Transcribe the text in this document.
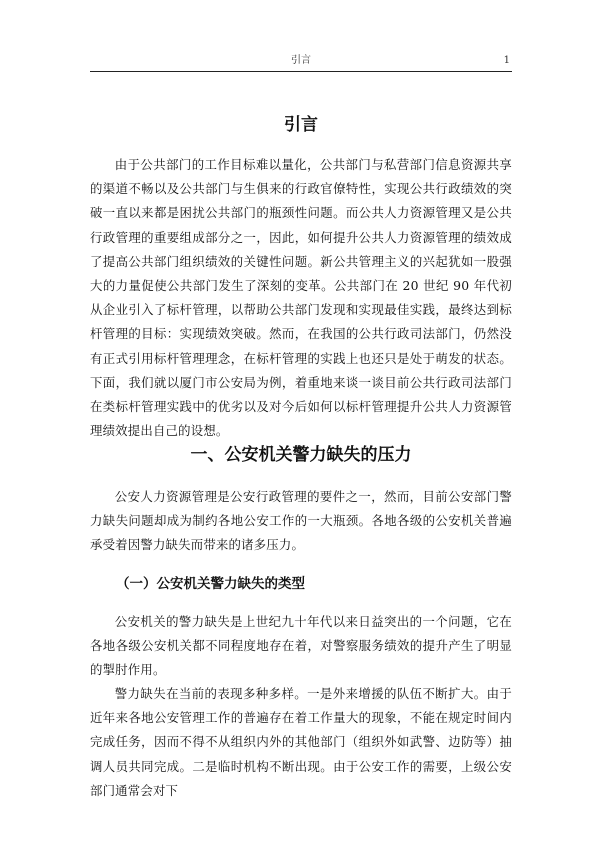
引言	1
引言

由于公共部门的工作目标难以量化，公共部门与私营部门信息资源共享的渠道不畅以及公共部门与生俱来的行政官僚特性，实现公共行政绩效的突破一直以来都是困扰公共部门的瓶颈性问题。而公共人力资源管理又是公共行政管理的重要组成部分之一，因此，如何提升公共人力资源管理的绩效成了提高公共部门组织绩效的关键性问题。新公共管理主义的兴起犹如一股强大的力量促使公共部门发生了深刻的变革。公共部门在 20 世纪 90 年代初从企业引入了标杆管理，以帮助公共部门发现和实现最佳实践，最终达到标杆管理的目标：实现绩效突破。然而，在我国的公共行政司法部门，仍然没有正式引用标杆管理理念，在标杆管理的实践上也还只是处于萌发的状态。下面，我们就以厦门市公安局为例，着重地来谈一谈目前公共行政司法部门在类标杆管理实践中的优劣以及对今后如何以标杆管理提升公共人力资源管理绩效提出自己的设想。

一、公安机关警力缺失的压力

公安人力资源管理是公安行政管理的要件之一，然而，目前公安部门警力缺失问题却成为制约各地公安工作的一大瓶颈。各地各级的公安机关普遍承受着因警力缺失而带来的诸多压力。

（一）公安机关警力缺失的类型

公安机关的警力缺失是上世纪九十年代以来日益突出的一个问题，它在各地各级公安机关都不同程度地存在着，对警察服务绩效的提升产生了明显的掣肘作用。

警力缺失在当前的表现多种多样。一是外来增援的队伍不断扩大。由于近年来各地公安管理工作的普遍存在着工作量大的现象，不能在规定时间内完成任务，因而不得不从组织内外的其他部门（组织外如武警、边防等）抽调人员共同完成。二是临时机构不断出现。由于公安工作的需要，上级公安部门通常会对下
